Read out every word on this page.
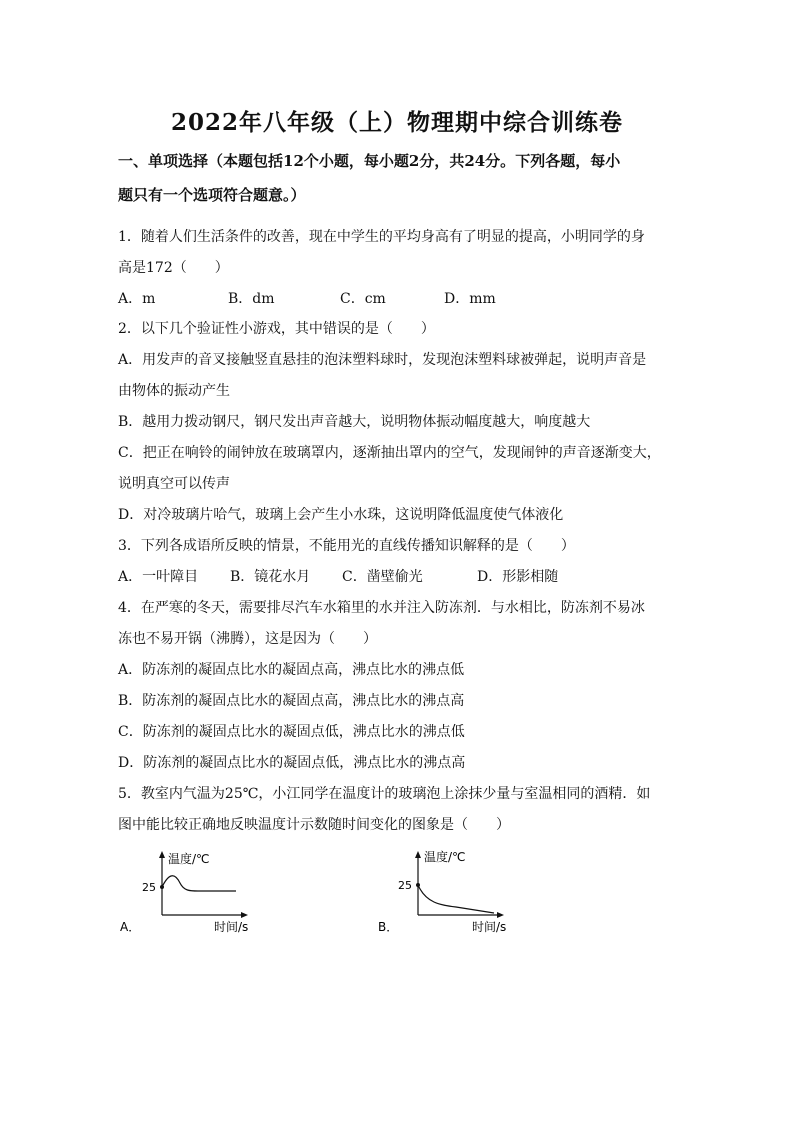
2022年八年级（上）物理期中综合训练卷
一、单项选择（本题包括12个小题，每小题2分，共24分。下列各题，每小
题只有一个选项符合题意。）
1．随着人们生活条件的改善，现在中学生的平均身高有了明显的提高，小明同学的身
高是172（　　）
A．m	B．dm	C．cm	D．mm
2．以下几个验证性小游戏，其中错误的是（　　）
A．用发声的音叉接触竖直悬挂的泡沫塑料球时，发现泡沫塑料球被弹起，说明声音是
由物体的振动产生
B．越用力拨动钢尺，钢尺发出声音越大，说明物体振动幅度越大，响度越大
C．把正在响铃的闹钟放在玻璃罩内，逐渐抽出罩内的空气，发现闹钟的声音逐渐变大，
说明真空可以传声
D．对冷玻璃片哈气，玻璃上会产生小水珠，这说明降低温度使气体液化
3．下列各成语所反映的情景，不能用光的直线传播知识解释的是（　　）
A．一叶障目 B．镜花水月 C．凿壁偷光	D．形影相随
4．在严寒的冬天，需要排尽汽车水箱里的水并注入防冻剂．与水相比，防冻剂不易冰
冻也不易开锅（沸腾），这是因为（　　）
A．防冻剂的凝固点比水的凝固点高，沸点比水的沸点低
B．防冻剂的凝固点比水的凝固点高，沸点比水的沸点高
C．防冻剂的凝固点比水的凝固点低，沸点比水的沸点低
D．防冻剂的凝固点比水的凝固点低，沸点比水的沸点高
5．教室内气温为25℃，小江同学在温度计的玻璃泡上涂抹少量与室温相同的酒精．如
图中能比较正确地反映温度计示数随时间变化的图象是（　　）
温度/℃
25
时间/s
A．
温度/℃
25
时间/s
B．
